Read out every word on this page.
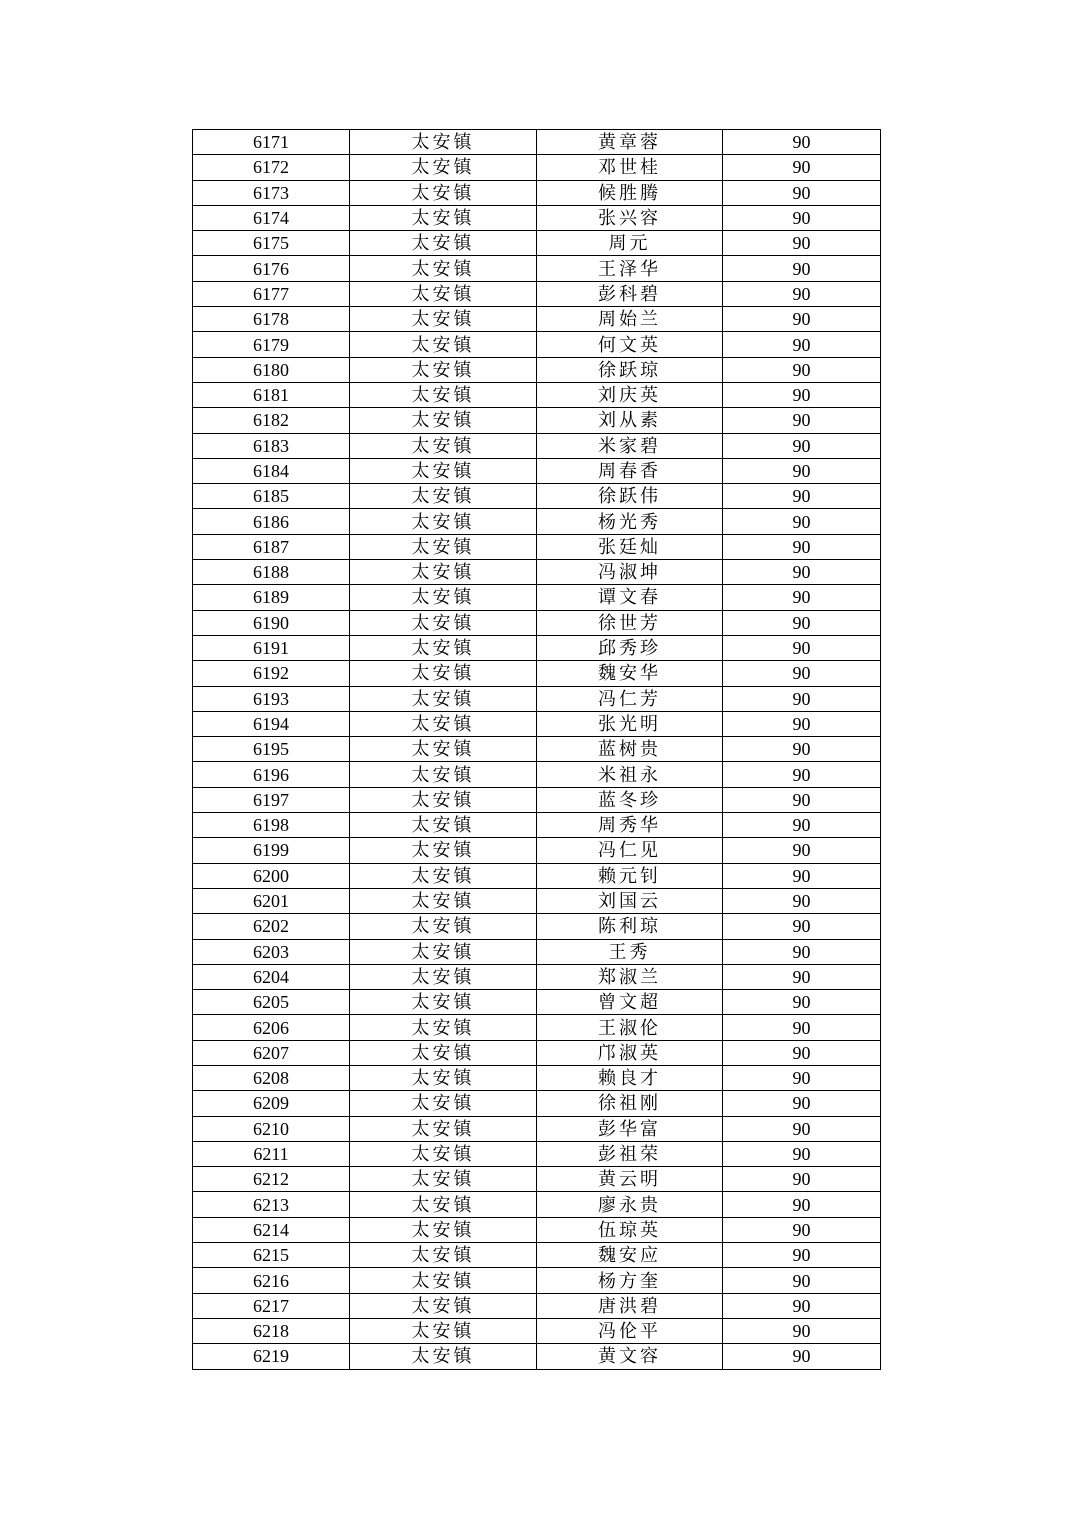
6171	太安镇	黄章蓉	90
6172	太安镇	邓世桂	90
6173	太安镇	候胜腾	90
6174	太安镇	张兴容	90
6175	太安镇	周元	90
6176	太安镇	王泽华	90
6177	太安镇	彭科碧	90
6178	太安镇	周始兰	90
6179	太安镇	何文英	90
6180	太安镇	徐跃琼	90
6181	太安镇	刘庆英	90
6182	太安镇	刘从素	90
6183	太安镇	米家碧	90
6184	太安镇	周春香	90
6185	太安镇	徐跃伟	90
6186	太安镇	杨光秀	90
6187	太安镇	张廷灿	90
6188	太安镇	冯淑坤	90
6189	太安镇	谭文春	90
6190	太安镇	徐世芳	90
6191	太安镇	邱秀珍	90
6192	太安镇	魏安华	90
6193	太安镇	冯仁芳	90
6194	太安镇	张光明	90
6195	太安镇	蓝树贵	90
6196	太安镇	米祖永	90
6197	太安镇	蓝冬珍	90
6198	太安镇	周秀华	90
6199	太安镇	冯仁见	90
6200	太安镇	赖元钊	90
6201	太安镇	刘国云	90
6202	太安镇	陈利琼	90
6203	太安镇	王秀	90
6204	太安镇	郑淑兰	90
6205	太安镇	曾文超	90
6206	太安镇	王淑伦	90
6207	太安镇	邝淑英	90
6208	太安镇	赖良才	90
6209	太安镇	徐祖刚	90
6210	太安镇	彭华富	90
6211	太安镇	彭祖荣	90
6212	太安镇	黄云明	90
6213	太安镇	廖永贵	90
6214	太安镇	伍琼英	90
6215	太安镇	魏安应	90
6216	太安镇	杨方奎	90
6217	太安镇	唐洪碧	90
6218	太安镇	冯伦平	90
6219	太安镇	黄文容	90
